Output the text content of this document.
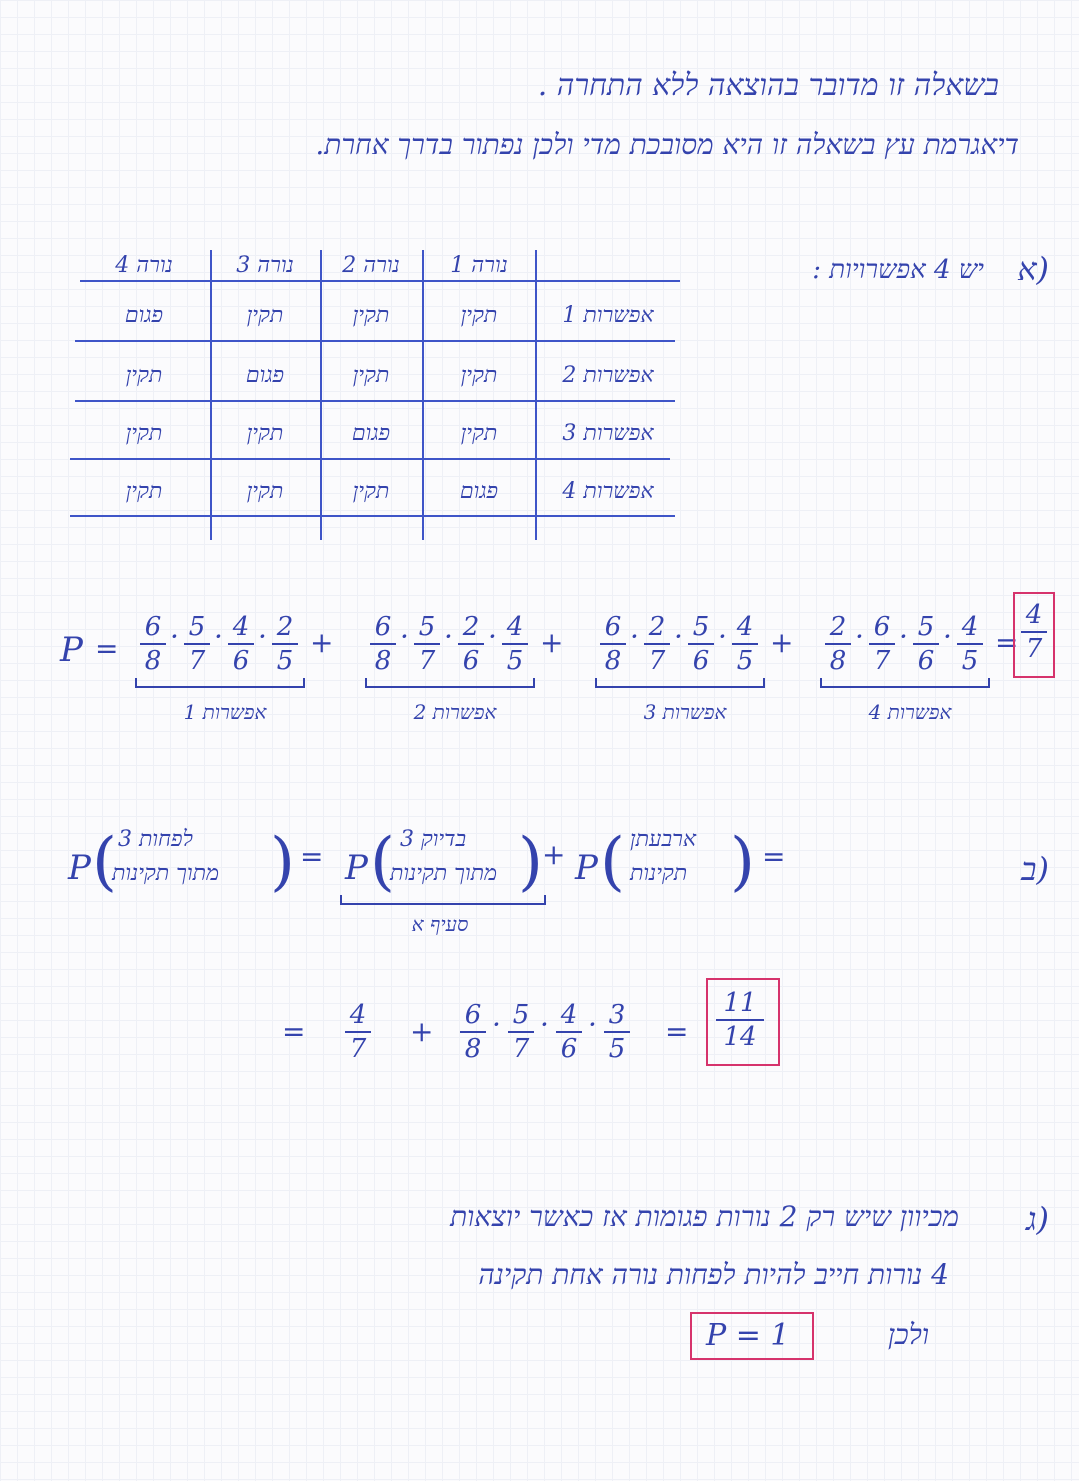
בשאלה זו מדובר בהוצאה ללא התחרה .
דיאגרמת עץ בשאלה זו היא מסובכת מדי ולכן נפתור בדרך אחרת.
(א
יש 4 אפשרויות :
נורה 1
נורה 2
נורה 3
נורה 4
אפשרות 1
תקין
תקין
תקין
פגום
אפשרות 2
תקין
תקין
פגום
תקין
אפשרות 3
תקין
פגום
תקין
תקין
אפשרות 4
פגום
תקין
תקין
תקין
P =
6
8
· 5
7
· 4
6
· 2
5
+
אפשרות 1
6
8
· 5
7
· 2
6
· 4
5
+
אפשרות 2
6
8
· 2
7
· 5
6
· 4
5
+
אפשרות 3
2
8
· 6
7
· 5
6
· 4
5
=
אפשרות 4
4
7
(ב
P ( לפחות 3
מתוך תקינות ) = P ( בדיוק 3
מתוך תקינות ) + P ( ארבעתן
תקינות ) =
סעיף א
= 4
7
+ 6
8
· 5
7
· 4
6
· 3
5
=
11
14
(ג
מכיוון שיש רק 2 נורות פגומות אז כאשר יוצאות
4 נורות חייב להיות לפחות נורה אחת תקינה
ולכן
P = 1
